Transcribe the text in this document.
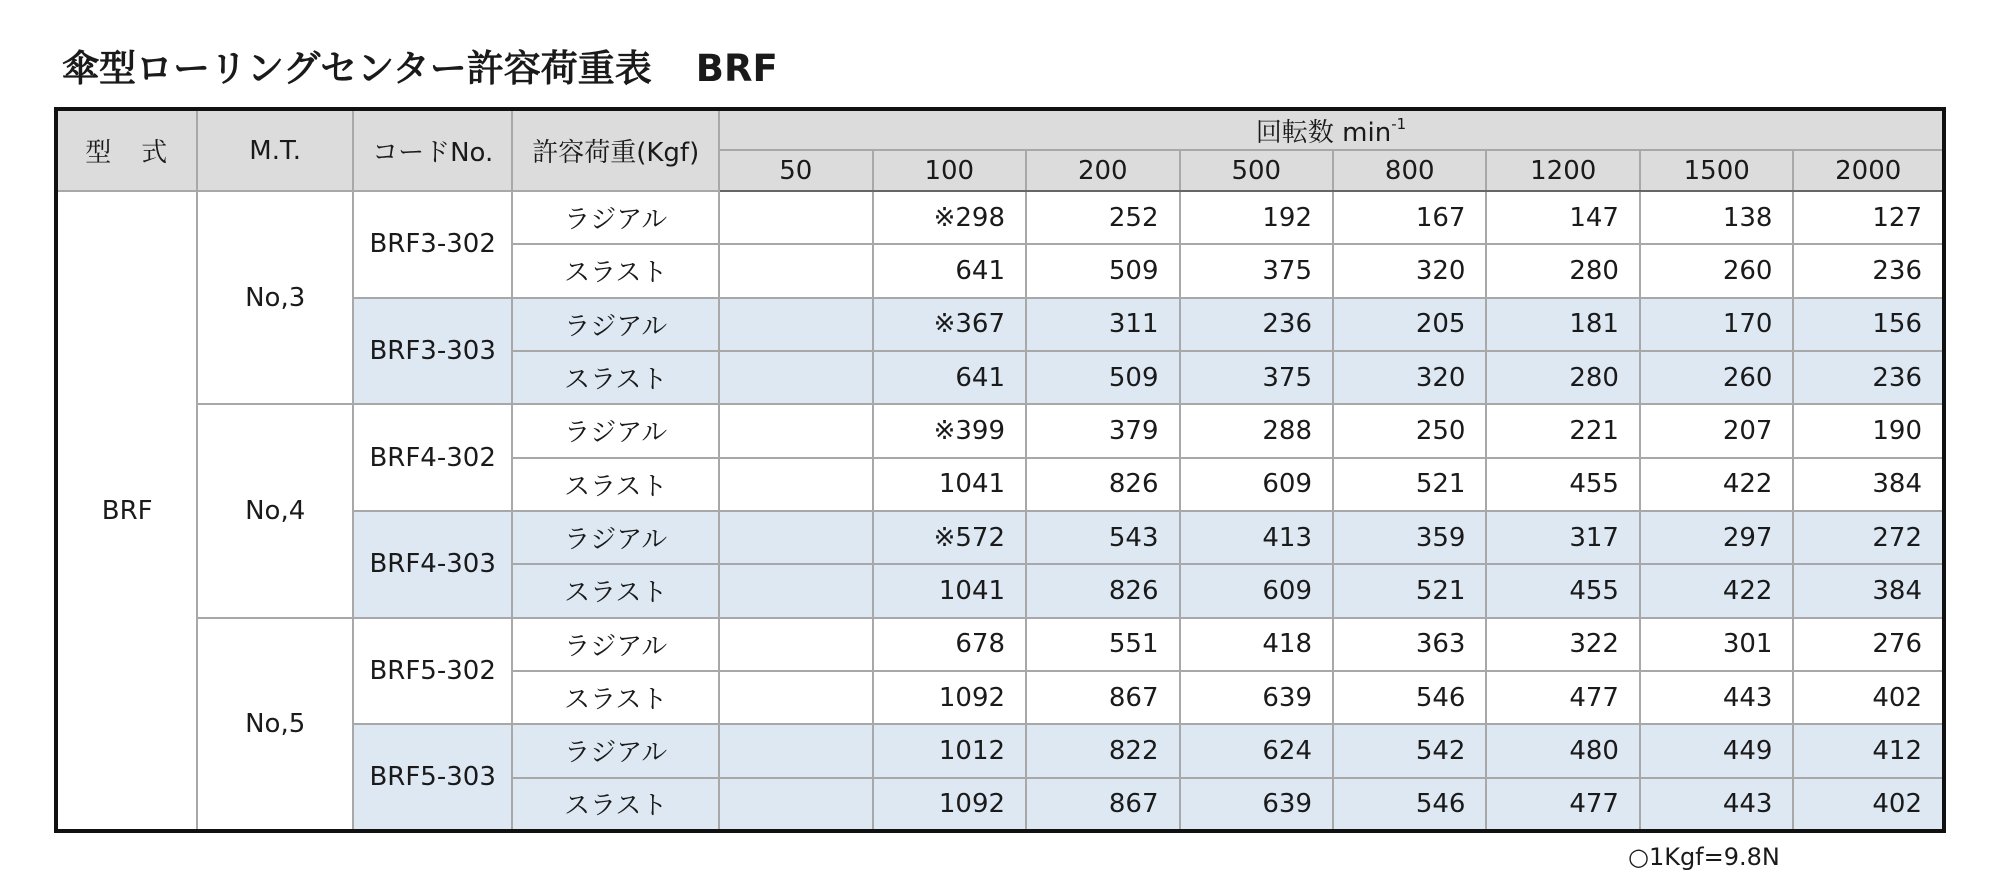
傘型ローリングセンター許容荷重表 BRF
型　式	M.T.	コードNo.	許容荷重(Kgf)	回転数 $\min^{-1}$
				50	100	200	500	800	1200	1500	2000
BRF	No,3	BRF3-302	ラジアル		※298	252	192	167	147	138	127
			スラスト		641	509	375	320	280	260	236
		BRF3-303	ラジアル		※367	311	236	205	181	170	156
			スラスト		641	509	375	320	280	260	236
	No,4	BRF4-302	ラジアル		※399	379	288	250	221	207	190
			スラスト		1041	826	609	521	455	422	384
		BRF4-303	ラジアル		※572	543	413	359	317	297	272
			スラスト		1041	826	609	521	455	422	384
	No,5	BRF5-302	ラジアル		678	551	418	363	322	301	276
			スラスト		1092	867	639	546	477	443	402
		BRF5-303	ラジアル		1012	822	624	542	480	449	412
			スラスト		1092	867	639	546	477	443	402
○1Kgf=9.8N
